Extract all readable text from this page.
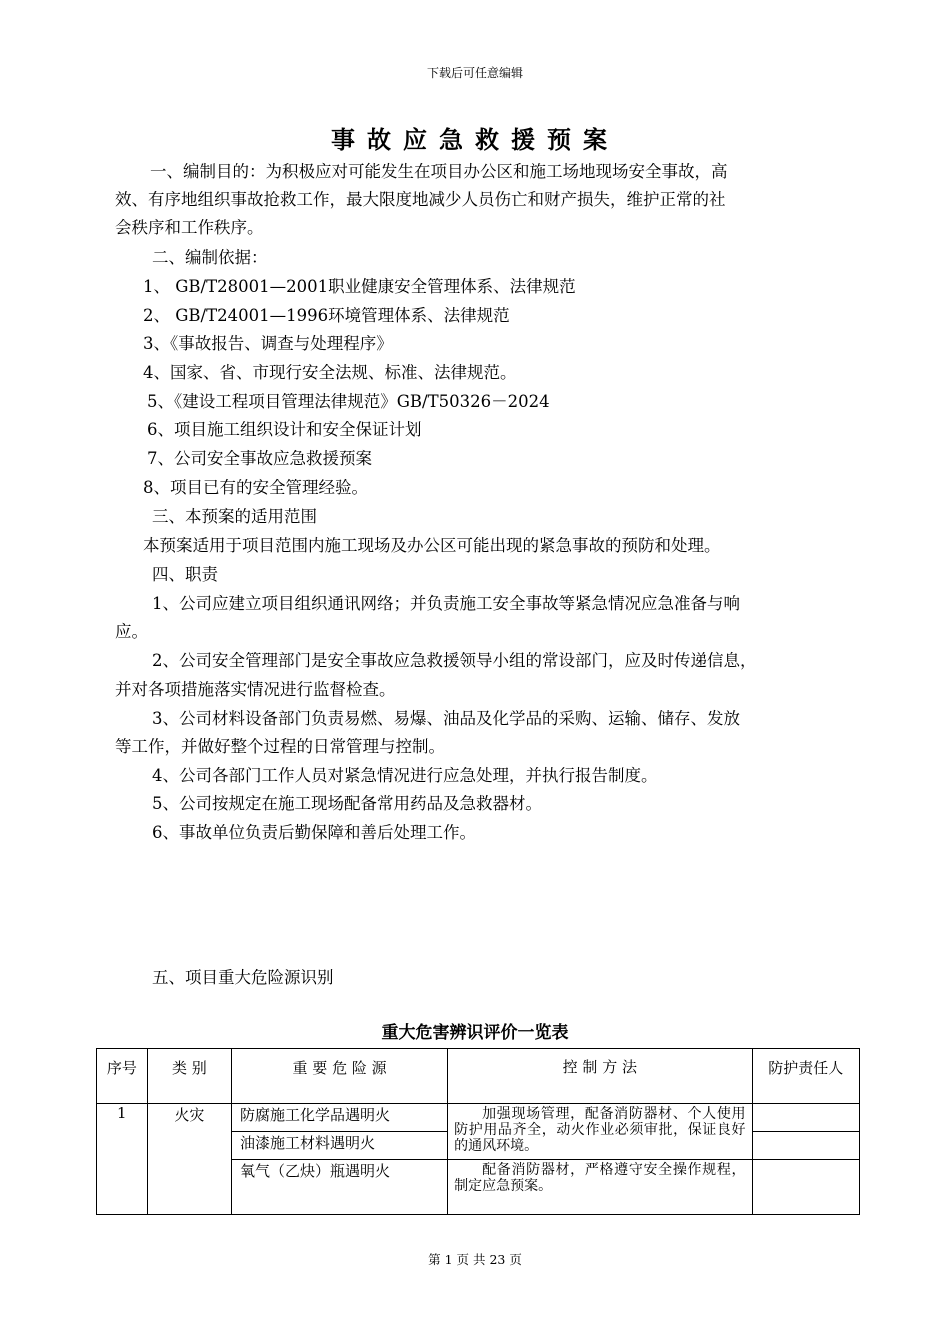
下载后可任意编辑
事故应急救援预案
一、编制目的：为积极应对可能发生在项目办公区和施工场地现场安全事故，高
效、有序地组织事故抢救工作，最大限度地减少人员伤亡和财产损失，维护正常的社
会秩序和工作秩序。
二、编制依据：
1、 GB/T28001—2001职业健康安全管理体系、法律规范
2、 GB/T24001—1996环境管理体系、法律规范
3、《事故报告、调查与处理程序》
4、国家、省、市现行安全法规、标准、法律规范。
5、《建设工程项目管理法律规范》GB/T50326－2024
6、项目施工组织设计和安全保证计划
7、公司安全事故应急救援预案
8、项目已有的安全管理经验。
三、本预案的适用范围
本预案适用于项目范围内施工现场及办公区可能出现的紧急事故的预防和处理。
四、职责
1、公司应建立项目组织通讯网络；并负责施工安全事故等紧急情况应急准备与响
应。
2、公司安全管理部门是安全事故应急救援领导小组的常设部门，应及时传递信息，
并对各项措施落实情况进行监督检查。
3、公司材料设备部门负责易燃、易爆、油品及化学品的采购、运输、储存、发放
等工作，并做好整个过程的日常管理与控制。
4、公司各部门工作人员对紧急情况进行应急处理，并执行报告制度。
5、公司按规定在施工现场配备常用药品及急救器材。
6、事故单位负责后勤保障和善后处理工作。
五、项目重大危险源识别
重大危害辨识评价一览表
序号	类 别	重 要 危 险 源	控 制 方 法	防护责任人
1	火灾	防腐施工化学品遇明火	加强现场管理，配备消防器材、个人使用防护用品齐全，动火作业必须审批，保证良好的通风环境。	

		油漆施工材料遇明火		
		氧气（乙炔）瓶遇明火	配备消防器材，严格遵守安全操作规程，制定应急预案。	

第 1 页 共 23 页
